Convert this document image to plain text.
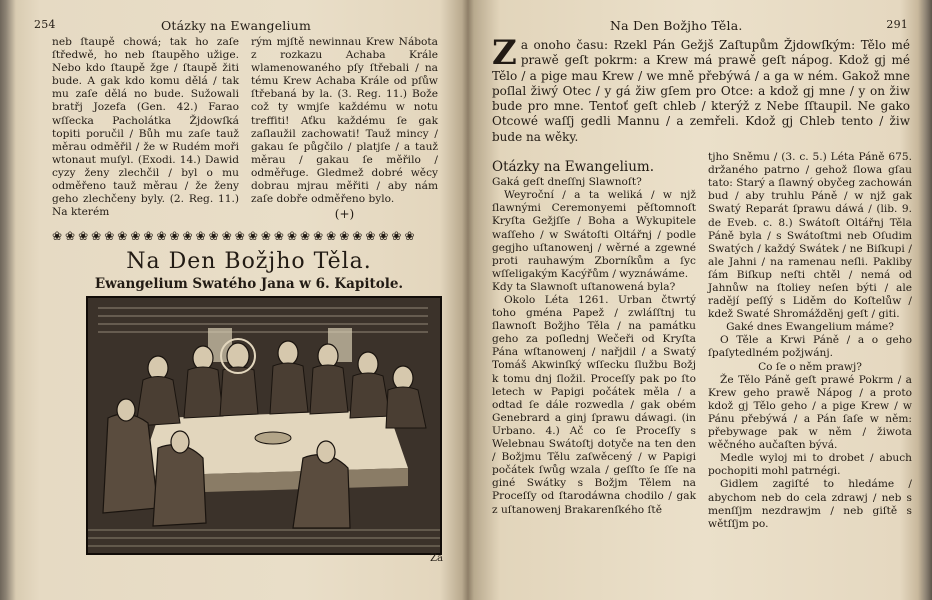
254	Otázky na Ewangelium

neb ſtaupě chowá; tak ho zaſe ſtředwě, ho neb ſtaupěho užige. Nebo kdo ſtaupě žge / ſtaupě žiti bude. A gak kdo komu dělá / tak mu zaſe dělá no bude. Sužowali bratřj Jozefa (Gen. 42.) Farao wſſecka Pacholátka Žjdowſká topiti poručil / Bůh mu zaſe tauž měrau odměřil / že w Rudém moři wtonaut muſyl. (Exodi. 14.) Dawid cyzy ženy zlechčil / byl o mu odměřeno tauž měrau / že ženy geho zlechčeny byly. (2. Reg. 11.) Na kterém

rým mjſtě newinnau Krew Nábota z rozkazu Achaba Krále wlamenowaného pſy ſtřebali / na tému Krew Achaba Krále od pſůw ſtřebaná by la. (3. Reg. 11.) Bože což ty wmjſe každému w notu treffiti! Aťku každému ſe gak zaſlaužil zachowati! Tauž mincy / gakau ſe půgčilo / platjſe / a tauž měrau / gakau ſe měřilo / odměřuge. Gledmež dobré wěcy dobrau mjrau měřiti / aby nám zaſe dobře odměřeno bylo.

(+)
❀❀❀❀❀❀❀❀❀❀❀❀❀❀❀❀❀❀❀❀❀❀❀❀❀❀❀❀
Na Den Božjho Těla.
Ewangelium Swatého Jana w 6. Kapitole.
Za
Na Den Božjho Těla.	291
Za onoho času: Rzekl Pán Gežjš Zaſtupům Žjdowſkým: Tělo mé prawě geſt pokrm: a Krew má prawě geſt nápog. Kdož gj mé Tělo / a pige mau Krew / we mně přebýwá / a ga w ném. Gakož mne poſlal žiwý Otec / y gá žiw gſem pro Otce: a kdož gj mne / y on žiw bude pro mne. Tentoť geſt chleb / kterýž z Nebe ſſtaupil. Ne gako Otcowé waſſj gedli Mannu / a zemřeli. Kdož gj Chleb tento / žiw bude na wěky.
Otázky na Ewangelium.

Gaká geſt dneſſnj Slawnoſt?

Weyroční / a ta weliká / w njž ſlawnými Ceremonyemi pěſtomnoſt Kryſta Gežjſſe / Boha a Wykupitele waſſeho / w Swátoſti Oltářnj / podle gegjho uſtanowenj / wěrné a zgewné proti rauhawým Zborníkům a ſyc wſſeligakým Kacýřům / wyznáwáme.

Kdy ta Slawnoſt uſtanowená byla?

Okolo Léta 1261. Urban čtwrtý toho gména Papež / zwláſſtnj tu ſlawnoſt Božjho Těla / na památku geho za poſlednj Wečeři od Kryſta Pána wſtanowenj / nařjdil / a Swatý Tomáš Akwinſký wſſecku ſlužbu Božj k tomu dnj ſložil. Proceſſy pak po ſto letech w Papigi počátek měla / a odtad ſe dále rozwedla / gak obém Genebrard a ginj ſprawu dáwagi. (in Urbano. 4.) Ač co ſe Proceſſy s Welebnau Swátoſtj dotyče na ten den / Božjmu Tělu zaſwěcený / w Papigi počátek ſwůg wzala / geſſto ſe ſſe na giné Swátky s Božjm Tělem na Proceſſy od ſtarodáwna chodilo / gak z uſtanowenj Brakarenſkého ſtě

tjho Sněmu / (3. c. 5.) Léta Páně 675. držaného patrno / gehož ſlowa gſau tato: Starý a ſlawný obyčeg zachowán bud / aby truhlu Páně / w njž gak Swatý Reparát ſprawu dáwá / (lib. 9. de Eveb. c. 8.) Swátoſt Oltářnj Těla Páně byla / s Swátoſtmi neb Oſudim Swatých / každý Swátek / ne Biſkupi / ale Jahni / na ramenau neſli. Pakliby ſám Biſkup neſti chtěl / nemá od Jahnůw na ſtoliey neſen býti / ale radějí peſſý s Liděm do Koſtelůw / kdež Swaté Shromážděnj geſt / giti.

Gaké dnes Ewangelium máme?

O Těle a Krwi Páně / a o geho ſpaſytedlném požjwánj.

Co ſe o něm prawj?

Že Tělo Páně geſt prawé Pokrm / a Krew geho prawě Nápog / a proto kdož gj Tělo geho / a pige Krew / w Pánu přebýwá / a Pán ſaſe w něm: přebywage pak w něm / žiwota wěčného aučaſten bývá.

Medle wyloj mi to drobet / abuch pochopiti mohl patrnégi.

Gidlem zagiſté to hledáme / abychom neb do cela zdrawj / neb s menſſjm nezdrawjm / neb giſtě s wětſſjm po.
